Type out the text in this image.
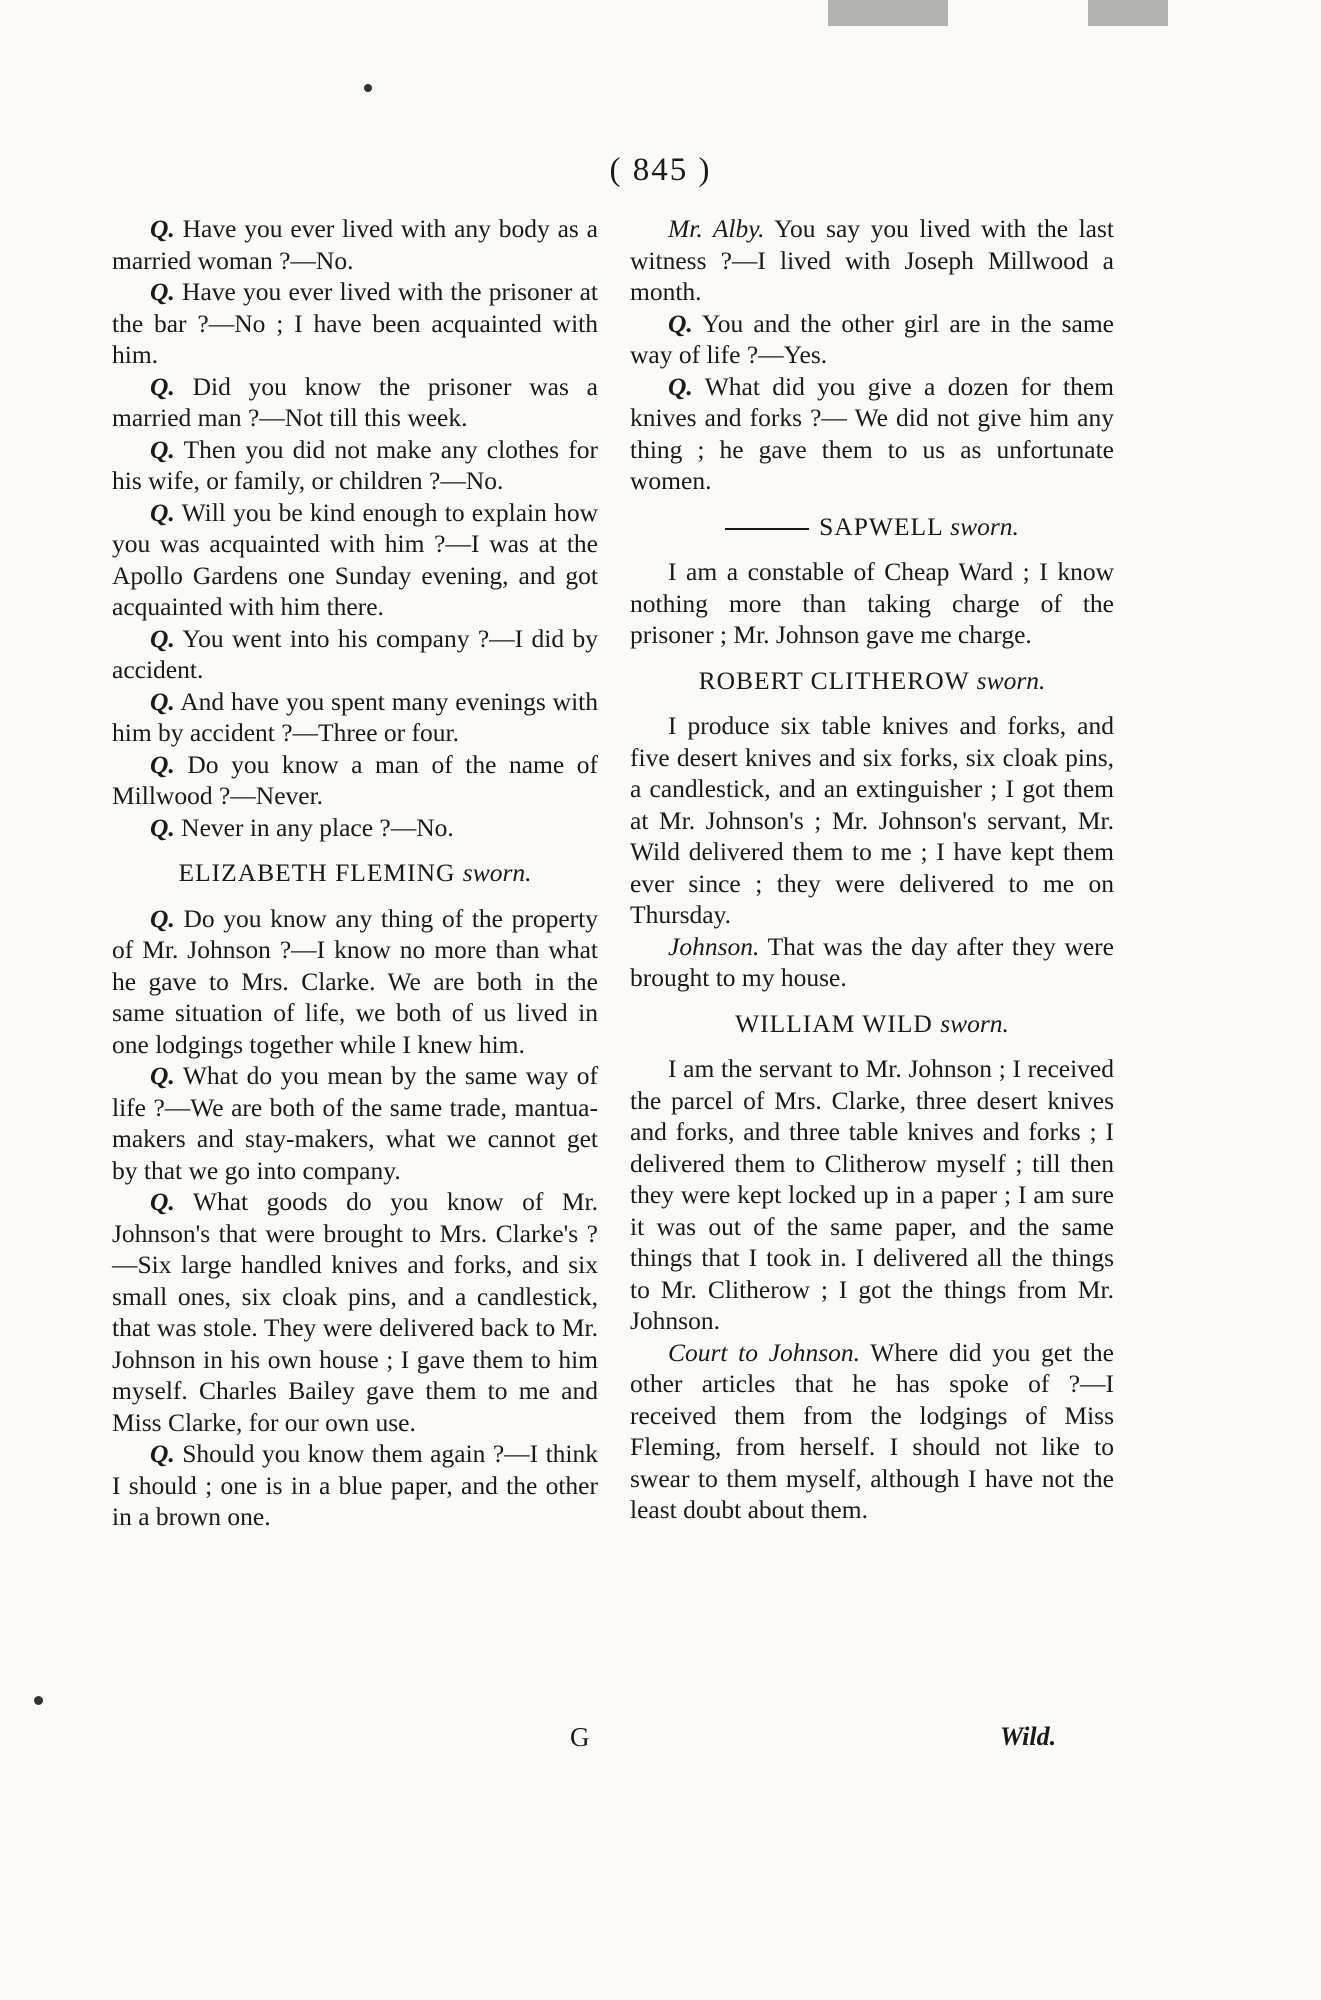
( 845 )

Q. Have you ever lived with any body as a married woman ?—No.

Q. Have you ever lived with the prisoner at the bar ?—No ; I have been acquainted with him.

Q. Did you know the prisoner was a married man ?—Not till this week.

Q. Then you did not make any clothes for his wife, or family, or children ?—No.

Q. Will you be kind enough to explain how you was acquainted with him ?—I was at the Apollo Gardens one Sunday evening, and got acquainted with him there.

Q. You went into his company ?—I did by accident.

Q. And have you spent many evenings with him by accident ?—Three or four.

Q. Do you know a man of the name of Millwood ?—Never.

Q. Never in any place ?—No.

ELIZABETH FLEMING sworn.

Q. Do you know any thing of the property of Mr. Johnson ?—I know no more than what he gave to Mrs. Clarke. We are both in the same situation of life, we both of us lived in one lodgings together while I knew him.

Q. What do you mean by the same way of life ?—We are both of the same trade, mantua-makers and stay-makers, what we cannot get by that we go into company.

Q. What goods do you know of Mr. Johnson's that were brought to Mrs. Clarke's ?—Six large handled knives and forks, and six small ones, six cloak pins, and a candlestick, that was stole. They were delivered back to Mr. Johnson in his own house ; I gave them to him myself. Charles Bailey gave them to me and Miss Clarke, for our own use.

Q. Should you know them again ?—I think I should ; one is in a blue paper, and the other in a brown one.

Mr. Alby. You say you lived with the last witness ?—I lived with Joseph Millwood a month.

Q. You and the other girl are in the same way of life ?—Yes.

Q. What did you give a dozen for them knives and forks ?— We did not give him any thing ; he gave them to us as unfortunate women.

SAPWELL sworn.

I am a constable of Cheap Ward ; I know nothing more than taking charge of the prisoner ; Mr. Johnson gave me charge.

ROBERT CLITHEROW sworn.

I produce six table knives and forks, and five desert knives and six forks, six cloak pins, a candlestick, and an extinguisher ; I got them at Mr. Johnson's ; Mr. Johnson's servant, Mr. Wild delivered them to me ; I have kept them ever since ; they were delivered to me on Thursday.

Johnson. That was the day after they were brought to my house.

WILLIAM WILD sworn.

I am the servant to Mr. Johnson ; I received the parcel of Mrs. Clarke, three desert knives and forks, and three table knives and forks ; I delivered them to Clitherow myself ; till then they were kept locked up in a paper ; I am sure it was out of the same paper, and the same things that I took in. I delivered all the things to Mr. Clitherow ; I got the things from Mr. Johnson.

Court to Johnson. Where did you get the other articles that he has spoke of ?—I received them from the lodgings of Miss Fleming, from herself. I should not like to swear to them myself, although I have not the least doubt about them.

G	Wild.
